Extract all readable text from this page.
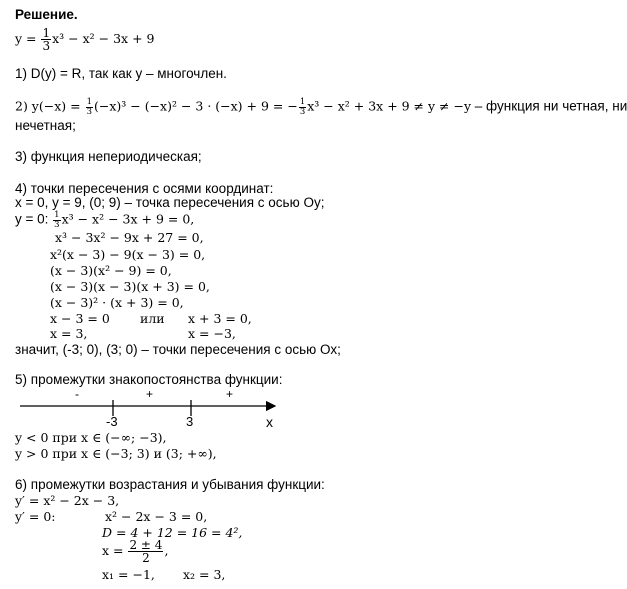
Решение.
$y = \frac{1}{3} x^3 - x^2 - 3x + 9$
1) D(y) = R, так как у – многочлен.
2) $y(-x) = \frac{1}{3} (-x)^3 - (-x)^2 - 3 \cdot (-x) + 9$ = − $\frac{1}{3} x^3 - x^2 + 3x + 9 \ne y \ne -y$ – функция ни четная, ни
нечетная;
3) функция непериодическая;
4) точки пересечения с осями координат:
x = 0, y = 9, (0; 9) – точка пересечения с осью Оy;
y = 0: $\frac{1}{3} x^3 - x^2 - 3x + 9 = 0$,
x³ − 3x² − 9x + 27 = 0,
x²(x − 3) − 9(x − 3) = 0,
(x − 3)(x² − 9) = 0,
(x − 3)(x − 3)(x + 3) = 0,
(x − 3)² · (x + 3) = 0,
x − 3 = 0 или x + 3 = 0,
x = 3,	x = −3,
значит, (-3; 0), (3; 0) – точки пересечения с осью Ох;
5) промежутки знакопостоянства функции:
-	+	+
-3	3	x
y < 0 при x ∈ (−∞; −3),
y > 0 при x ∈ (−3; 3) и (3; +∞),
6) промежутки возрастания и убывания функции:
y′ = x² − 2x − 3,
y′ = 0:	x² − 2x − 3 = 0,
D = 4 + 12 = 16 = 4²,
$x = \frac{2 \pm 4}{2}$ ,
x₁ = −1, x₂ = 3,
